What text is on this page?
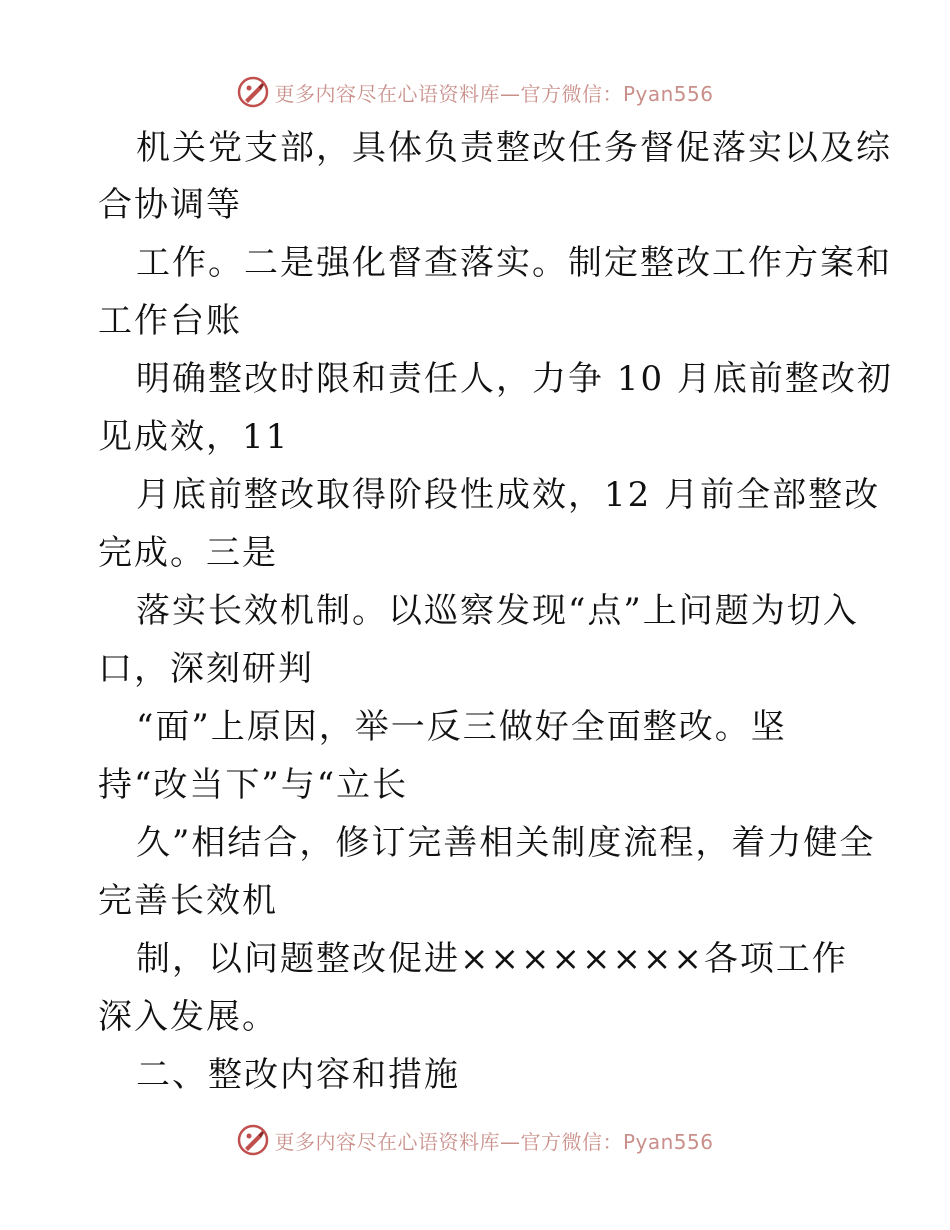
更多内容尽在心语资料库—官方微信：Pyan556
机关党支部，具体负责整改任务督促落实以及综
合协调等
工作。二是强化督查落实。制定整改工作方案和
工作台账
明确整改时限和责任人，力争 10 月底前整改初
见成效，11
月底前整改取得阶段性成效，12 月前全部整改
完成。三是
落实长效机制。以巡察发现“点”上问题为切入
口，深刻研判
“面”上原因，举一反三做好全面整改。坚
持“改当下”与“立长
久”相结合，修订完善相关制度流程，着力健全
完善长效机
制，以问题整改促进××××××××各项工作
深入发展。
二、整改内容和措施
更多内容尽在心语资料库—官方微信：Pyan556
